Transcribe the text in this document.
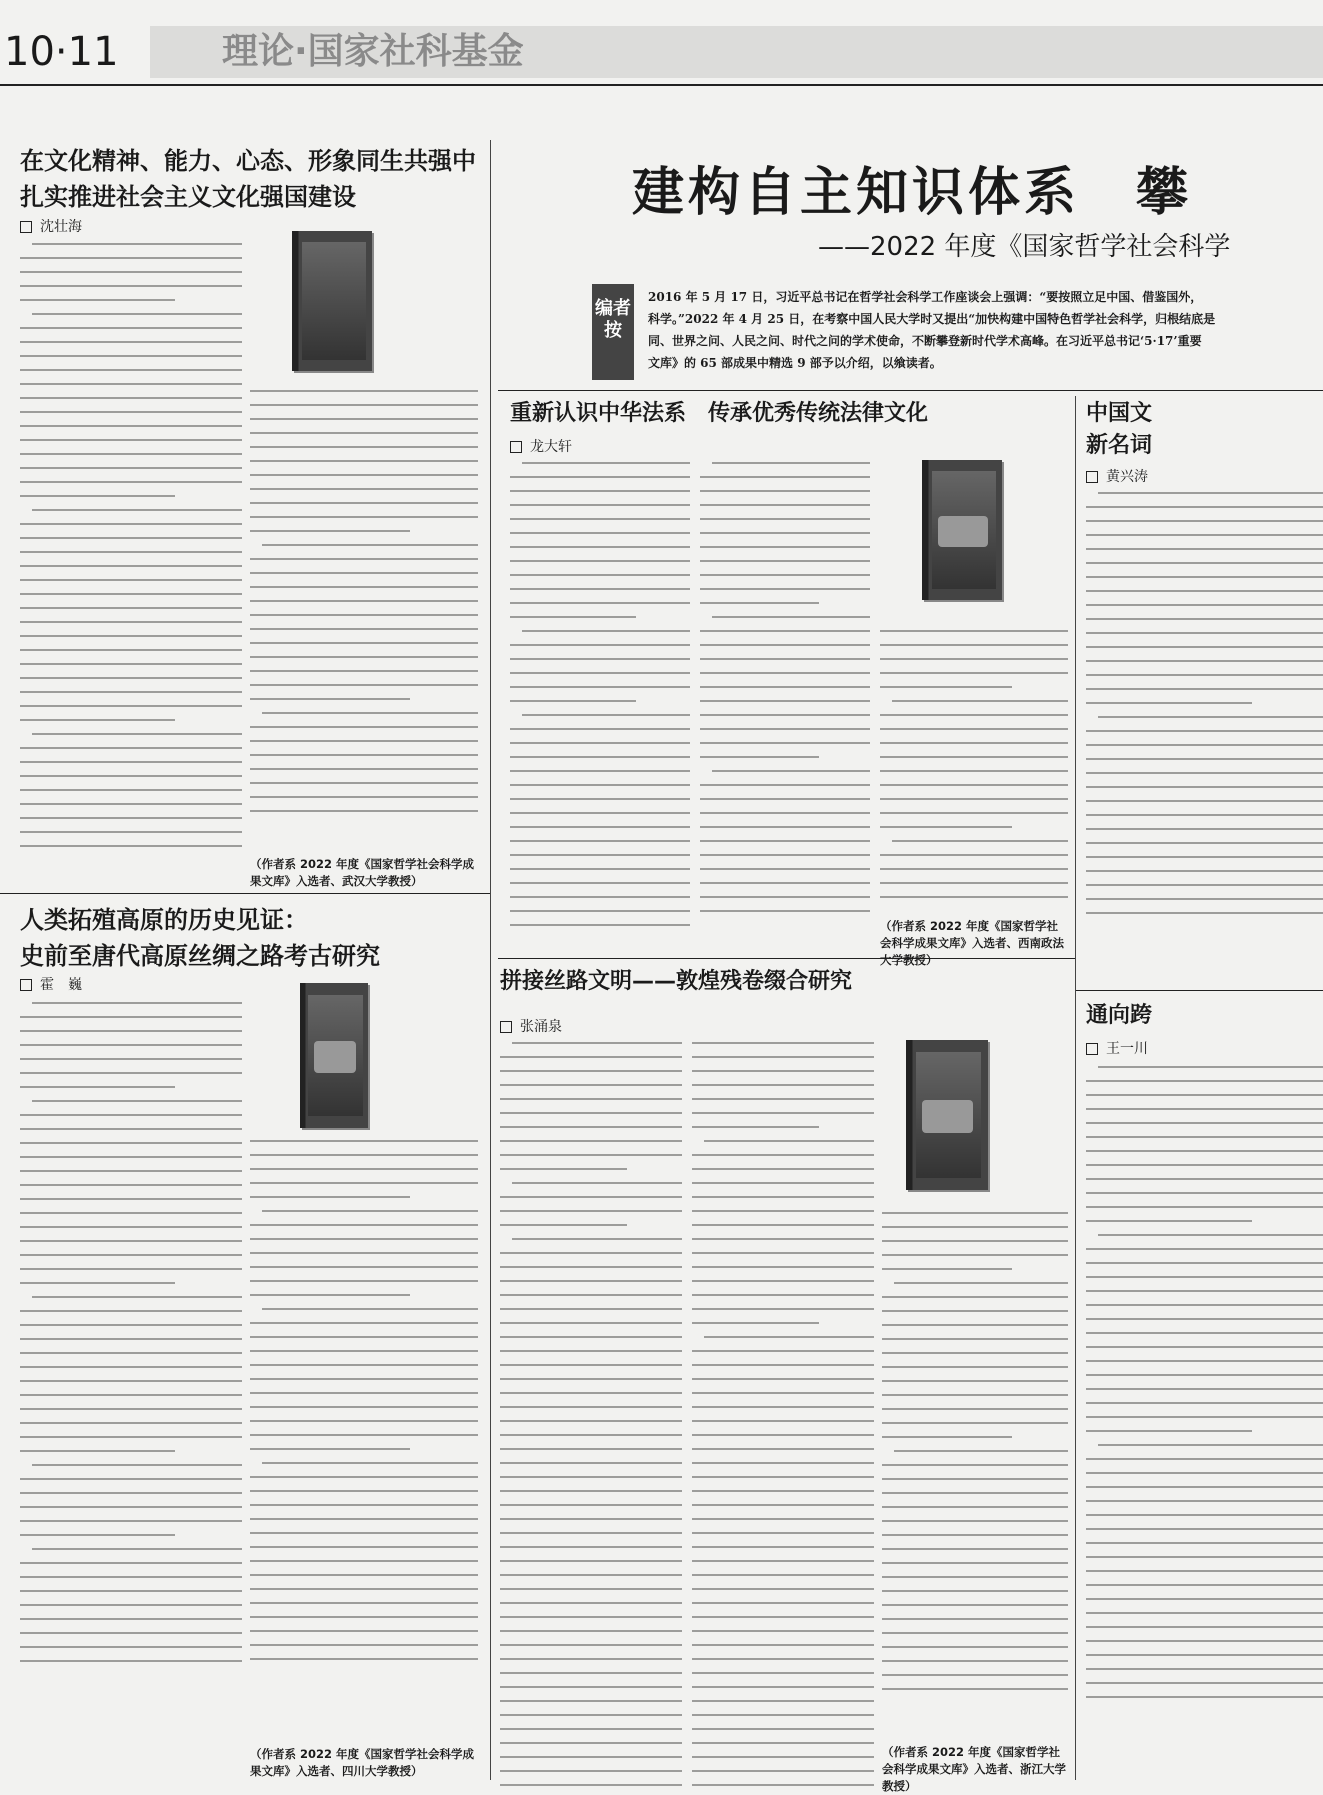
10·11	理论·国家社科基金
建构自主知识体系　攀
——2022 年度《国家哲学社会科学
编者按
2016 年 5 月 17 日，习近平总书记在哲学社会科学工作座谈会上强调：“要按照立足中国、借鉴国外，
科学。”2022 年 4 月 25 日，在考察中国人民大学时又提出“加快构建中国特色哲学社会科学，归根结底是
同、世界之问、人民之问、时代之问的学术使命，不断攀登新时代学术高峰。在习近平总书记‘5·17’重要
文库》的 65 部成果中精选 9 部予以介绍，以飨读者。
在文化精神、能力、心态、形象同生共强中
扎实推进社会主义文化强国建设
沈壮海
（作者系 2022 年度《国家哲学社会科学成果文库》入选者、武汉大学教授）
人类拓殖高原的历史见证：
史前至唐代高原丝绸之路考古研究
霍　巍
（作者系 2022 年度《国家哲学社会科学成果文库》入选者、四川大学教授）
重新认识中华法系　传承优秀传统法律文化
龙大轩
（作者系 2022 年度《国家哲学社会科学成果文库》入选者、西南政法大学教授）
拼接丝路文明——敦煌残卷缀合研究
张涌泉
（作者系 2022 年度《国家哲学社会科学成果文库》入选者、浙江大学教授）
中国文
新名词
黄兴涛
通向跨
王一川
